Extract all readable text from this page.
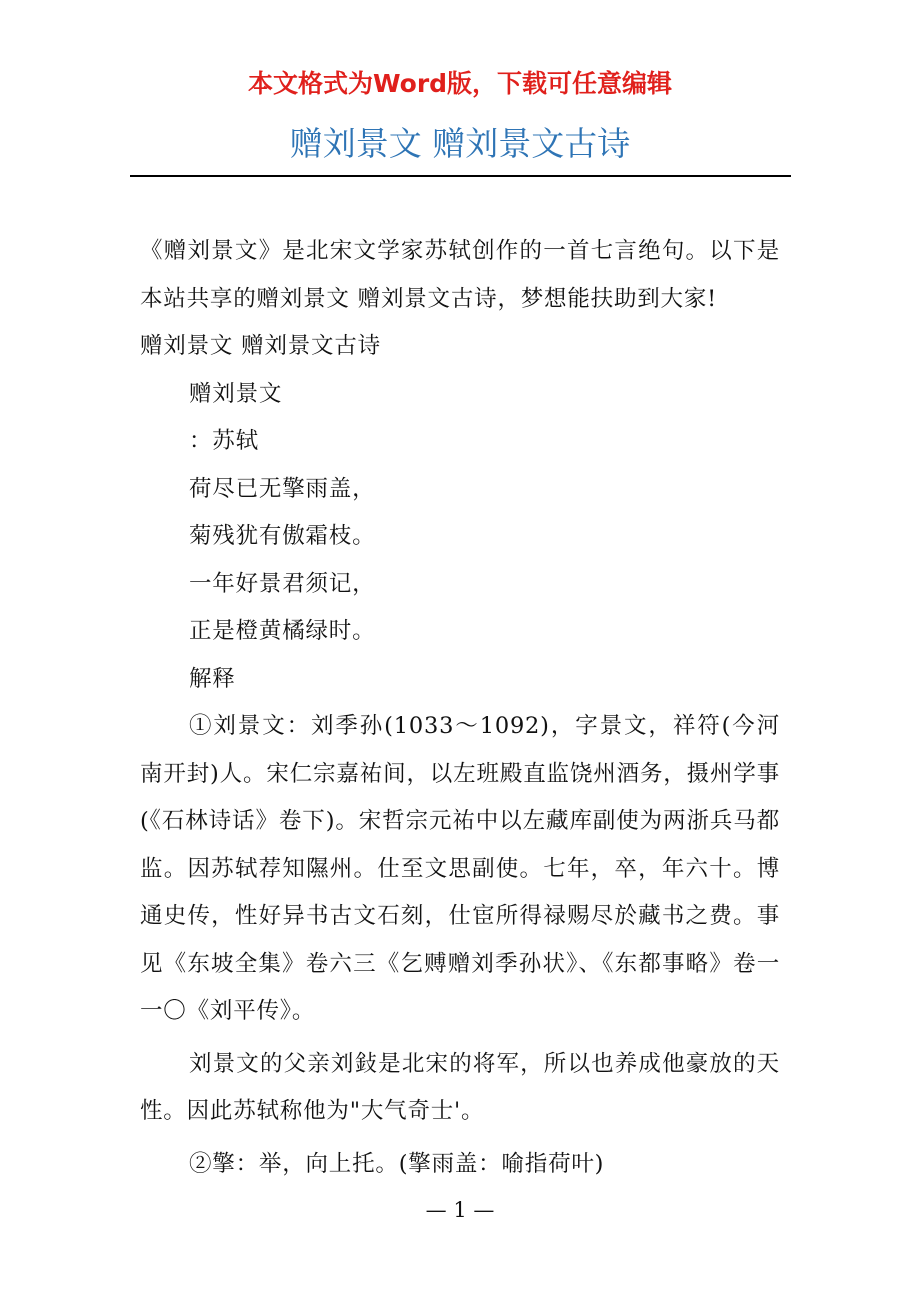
本文格式为Word版，下载可任意编辑
赠刘景文 赠刘景文古诗

《赠刘景文》是北宋文学家苏轼创作的一首七言绝句。以下是本站共享的赠刘景文 赠刘景文古诗，梦想能扶助到大家!

赠刘景文 赠刘景文古诗

赠刘景文

：苏轼

荷尽已无擎雨盖，

菊残犹有傲霜枝。

一年好景君须记，

正是橙黄橘绿时。

解释

①刘景文：刘季孙(1033～1092)，字景文，祥符(今河南开封)人。宋仁宗嘉祐间，以左班殿直监饶州酒务，摄州学事(《石林诗话》卷下)。宋哲宗元祐中以左藏库副使为两浙兵马都监。因苏轼荐知隰州。仕至文思副使。七年，卒，年六十。博通史传，性好异书古文石刻，仕宦所得禄赐尽於藏书之费。事见《东坡全集》卷六三《乞赙赠刘季孙状》、《东都事略》卷一一〇《刘平传》。

刘景文的父亲刘鈙是北宋的将军，所以也养成他豪放的天性。因此苏轼称他为"大气奇士'。

②擎：举，向上托。(擎雨盖：喻指荷叶)

— 1 —
